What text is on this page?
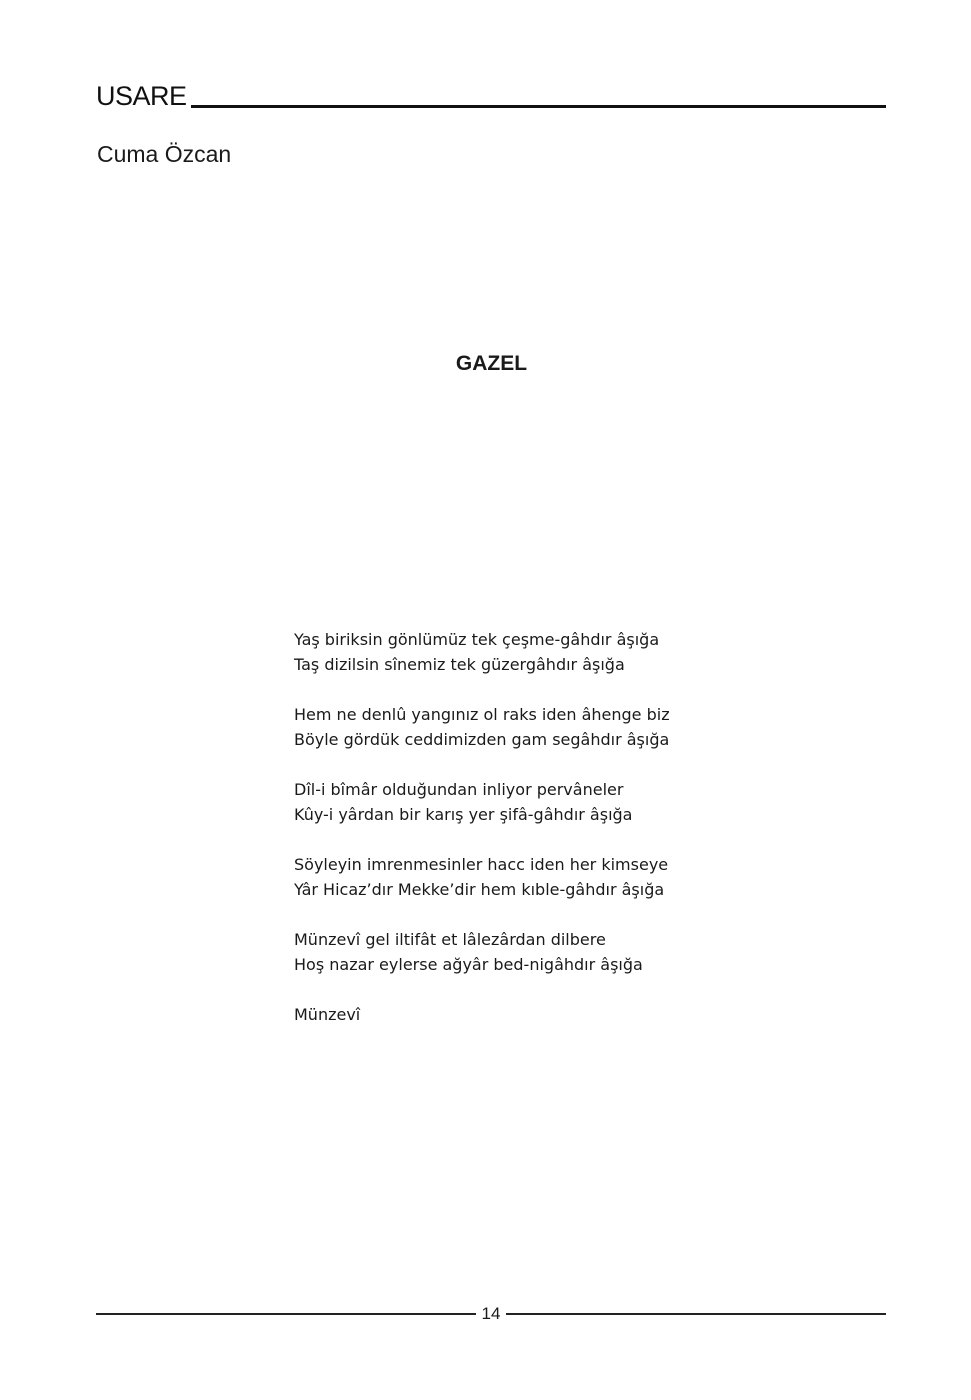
USARE
Cuma Özcan
GAZEL
Yaş biriksin gönlümüz tek çeşme-gâhdır âşığa
Taş dizilsin sînemiz tek güzergâhdır âşığa
Hem ne denlû yangınız ol raks iden âhenge biz
Böyle gördük ceddimizden gam segâhdır âşığa
Dîl-i bîmâr olduğundan inliyor pervâneler
Kûy-i yârdan bir karış yer şifâ-gâhdır âşığa
Söyleyin imrenmesinler hacc iden her kimseye
Yâr Hicaz’dır Mekke’dir hem kıble-gâhdır âşığa
Münzevî gel iltifât et lâlezârdan dilbere
Hoş nazar eylerse ağyâr bed-nigâhdır âşığa
Münzevî
14
